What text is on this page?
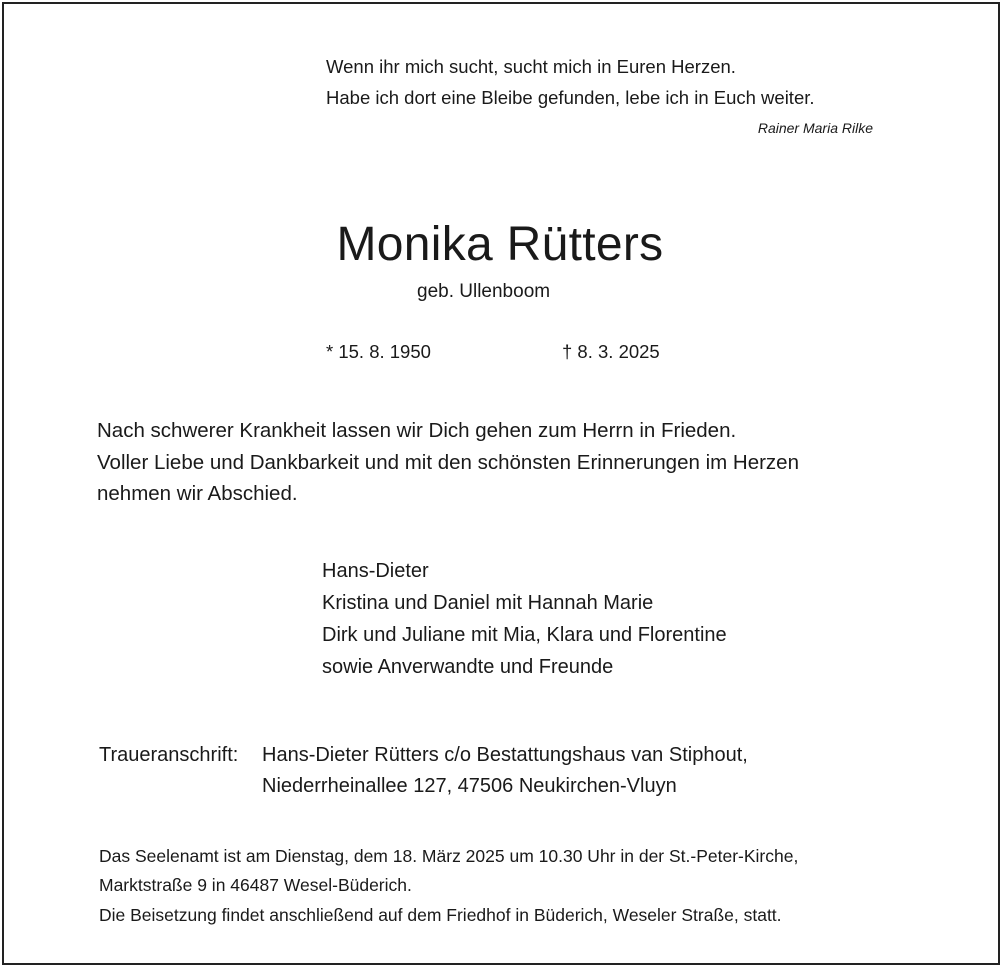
Wenn ihr mich sucht, sucht mich in Euren Herzen.
Habe ich dort eine Bleibe gefunden, lebe ich in Euch weiter.
Rainer Maria Rilke
Monika Rütters
geb. Ullenboom
* 15. 8. 1950	† 8. 3. 2025
Nach schwerer Krankheit lassen wir Dich gehen zum Herrn in Frieden.
Voller Liebe und Dankbarkeit und mit den schönsten Erinnerungen im Herzen
nehmen wir Abschied.
Hans-Dieter
Kristina und Daniel mit Hannah Marie
Dirk und Juliane mit Mia, Klara und Florentine
sowie Anverwandte und Freunde
Traueranschrift: Hans-Dieter Rütters c/o Bestattungshaus van Stiphout,
Niederrheinallee 127, 47506 Neukirchen-Vluyn
Das Seelenamt ist am Dienstag, dem 18. März 2025 um 10.30 Uhr in der St.-Peter-Kirche,
Marktstraße 9 in 46487 Wesel-Büderich.
Die Beisetzung findet anschließend auf dem Friedhof in Büderich, Weseler Straße, statt.
